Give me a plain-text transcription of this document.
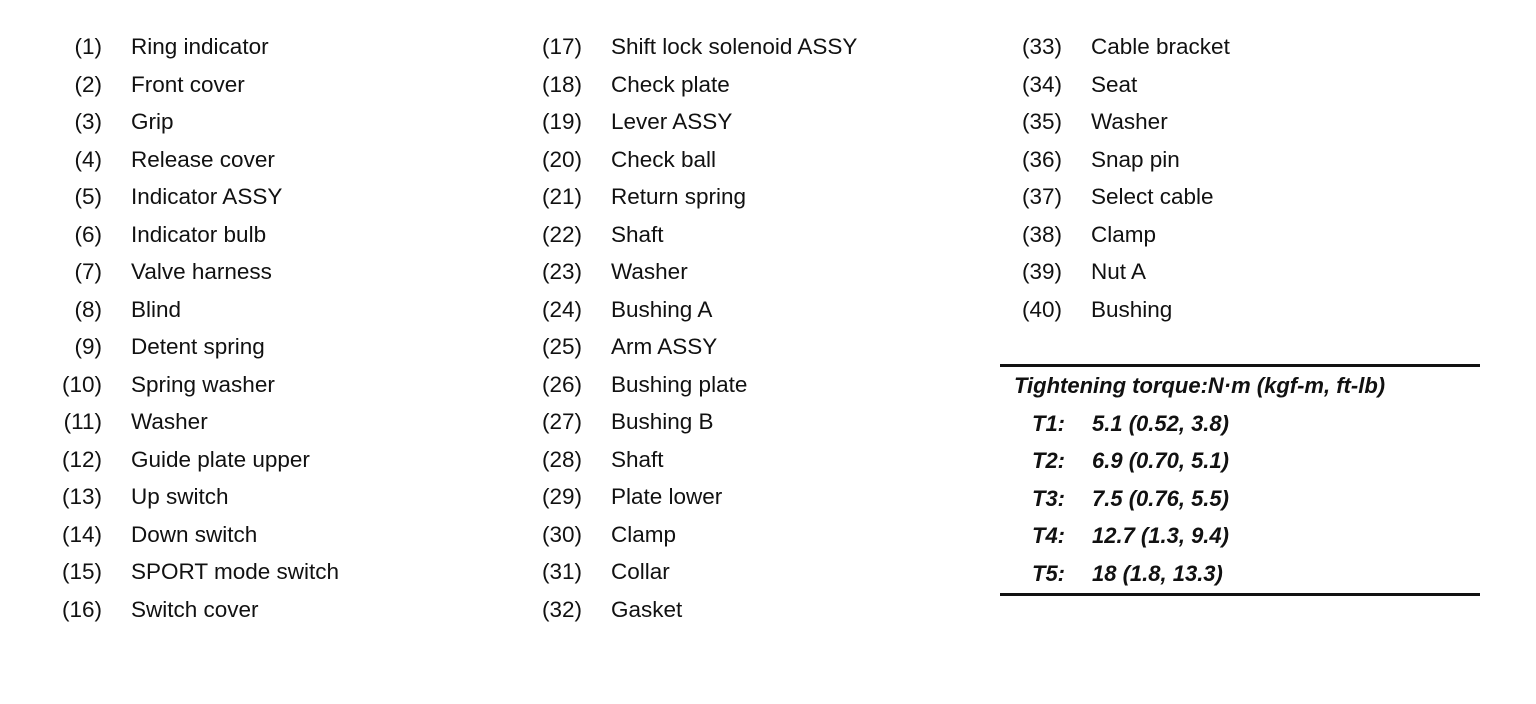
(1) Ring indicator
(2) Front cover
(3) Grip
(4) Release cover
(5) Indicator ASSY
(6) Indicator bulb
(7) Valve harness
(8) Blind
(9) Detent spring
(10) Spring washer
(11) Washer
(12) Guide plate upper
(13) Up switch
(14) Down switch
(15) SPORT mode switch
(16) Switch cover
(17) Shift lock solenoid ASSY
(18) Check plate
(19) Lever ASSY
(20) Check ball
(21) Return spring
(22) Shaft
(23) Washer
(24) Bushing A
(25) Arm ASSY
(26) Bushing plate
(27) Bushing B
(28) Shaft
(29) Plate lower
(30) Clamp
(31) Collar
(32) Gasket
(33) Cable bracket
(34) Seat
(35) Washer
(36) Snap pin
(37) Select cable
(38) Clamp
(39) Nut A
(40) Bushing
Tightening torque:N·m (kgf-m, ft-lb)
T1: 5.1 (0.52, 3.8)
T2: 6.9 (0.70, 5.1)
T3: 7.5 (0.76, 5.5)
T4: 12.7 (1.3, 9.4)
T5: 18 (1.8, 13.3)
